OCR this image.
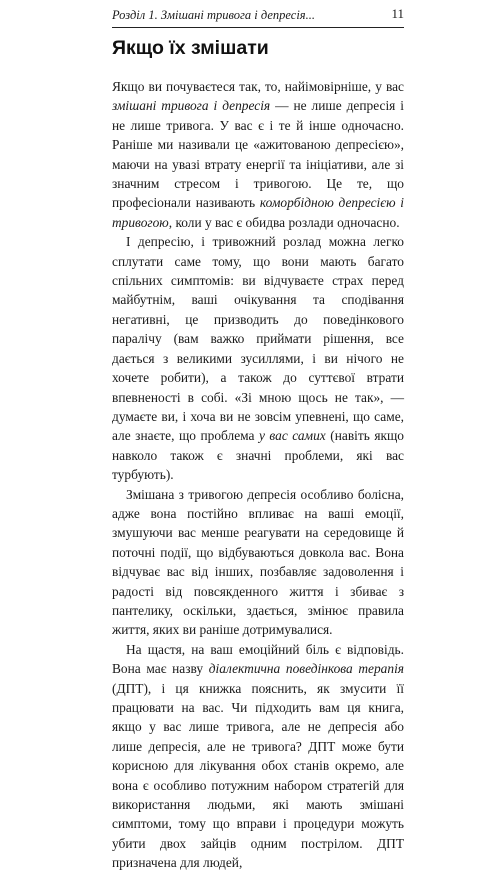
Розділ 1. Змішані тривога і депресія...	11
Якщо їх змішати

Якщо ви почуваєтеся так, то, найімовірніше, у вас змішані тривога і депресія — не лише депресія і не лише тривога. У вас є і те й інше одночасно. Раніше ми називали це «ажитованою депресією», маючи на увазі втрату енергії та ініціативи, але зі значним стресом і тривогою. Це те, що професіонали називають коморбідною депресією і тривогою, коли у вас є обидва розлади одночасно.

І депресію, і тривожний розлад можна легко сплутати саме тому, що вони мають багато спільних симптомів: ви відчуваєте страх перед майбутнім, ваші очікування та сподівання негативні, це призводить до поведінкового паралічу (вам важко приймати рішення, все дається з великими зусиллями, і ви нічого не хочете робити), а також до суттєвої втрати впевненості в собі. «Зі мною щось не так», — думаєте ви, і хоча ви не зовсім упевнені, що саме, але знаєте, що проблема у вас самих (навіть якщо навколо також є значні проблеми, які вас турбують).

Змішана з тривогою депресія особливо болісна, адже вона постійно впливає на ваші емоції, змушуючи вас менше реагувати на середовище й поточні події, що відбуваються довкола вас. Вона відчуває вас від інших, позбавляє задоволення і радості від повсякденного життя і збиває з пантелику, оскільки, здається, змінює правила життя, яких ви раніше дотримувалися.

На щастя, на ваш емоційний біль є відповідь. Вона має назву діалектична поведінкова терапія (ДПТ), і ця книжка пояснить, як змусити її працювати на вас. Чи підходить вам ця книга, якщо у вас лише тривога, але не депресія або лише депресія, але не тривога? ДПТ може бути корисною для лікування обох станів окремо, але вона є особливо потужним набором стратегій для використання людьми, які мають змішані симптоми, тому що вправи і процедури можуть убити двох зайців одним пострілом. ДПТ призначена для людей,
